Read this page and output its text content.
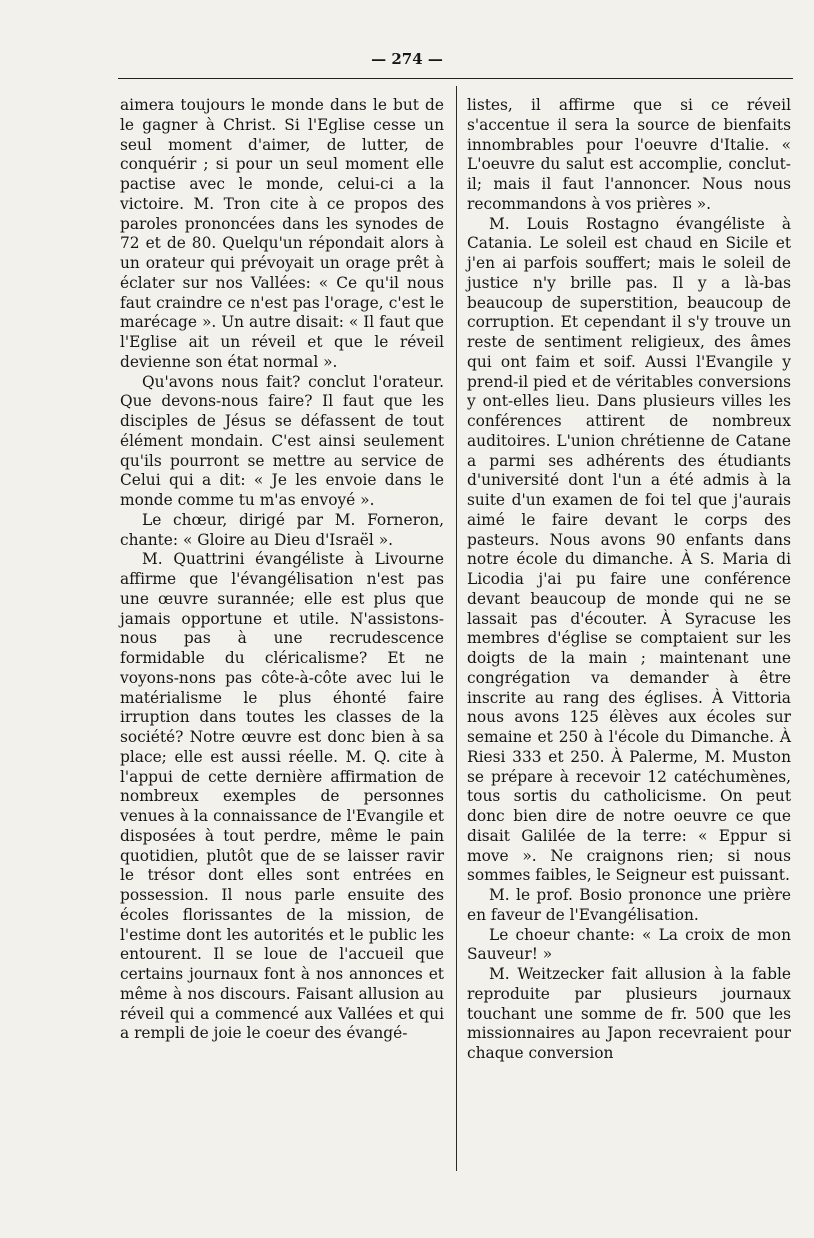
— 274 —

aimera toujours le monde dans le but de le gagner à Christ. Si l'Eglise cesse un seul moment d'aimer, de lutter, de conquérir ; si pour un seul moment elle pactise avec le monde, celui-ci a la victoire. M. Tron cite à ce propos des paroles prononcées dans les synodes de 72 et de 80. Quelqu'un répondait alors à un orateur qui prévoyait un orage prêt à éclater sur nos Vallées: « Ce qu'il nous faut craindre ce n'est pas l'orage, c'est le marécage ». Un autre disait: « Il faut que l'Eglise ait un réveil et que le réveil devienne son état normal ».

Qu'avons nous fait? conclut l'orateur. Que devons-nous faire? Il faut que les disciples de Jésus se défassent de tout élément mondain. C'est ainsi seulement qu'ils pourront se mettre au service de Celui qui a dit: « Je les envoie dans le monde comme tu m'as envoyé ».

Le chœur, dirigé par M. Forneron, chante: « Gloire au Dieu d'Israël ».

M. Quattrini évangéliste à Livourne affirme que l'évangélisation n'est pas une œuvre surannée; elle est plus que jamais opportune et utile. N'assistons-nous pas à une recrudescence formidable du cléricalisme? Et ne voyons-nons pas côte-à-côte avec lui le matérialisme le plus éhonté faire irruption dans toutes les classes de la société? Notre œuvre est donc bien à sa place; elle est aussi réelle. M. Q. cite à l'appui de cette dernière affirmation de nombreux exemples de personnes venues à la connaissance de l'Evangile et disposées à tout perdre, même le pain quotidien, plutôt que de se laisser ravir le trésor dont elles sont entrées en possession. Il nous parle ensuite des écoles florissantes de la mission, de l'estime dont les autorités et le public les entourent. Il se loue de l'accueil que certains journaux font à nos annonces et même à nos discours. Faisant allusion au réveil qui a commencé aux Vallées et qui a rempli de joie le coeur des évangé-

listes, il affirme que si ce réveil s'accentue il sera la source de bienfaits innombrables pour l'oeuvre d'Italie. « L'oeuvre du salut est accomplie, conclut-il; mais il faut l'annoncer. Nous nous recommandons à vos prières ».

M. Louis Rostagno évangéliste à Catania. Le soleil est chaud en Sicile et j'en ai parfois souffert; mais le soleil de justice n'y brille pas. Il y a là-bas beaucoup de superstition, beaucoup de corruption. Et cependant il s'y trouve un reste de sentiment religieux, des âmes qui ont faim et soif. Aussi l'Evangile y prend-il pied et de véritables conversions y ont-elles lieu. Dans plusieurs villes les conférences attirent de nombreux auditoires. L'union chrétienne de Catane a parmi ses adhérents des étudiants d'université dont l'un a été admis à la suite d'un examen de foi tel que j'aurais aimé le faire devant le corps des pasteurs. Nous avons 90 enfants dans notre école du dimanche. À S. Maria di Licodia j'ai pu faire une conférence devant beaucoup de monde qui ne se lassait pas d'écouter. À Syracuse les membres d'église se comptaient sur les doigts de la main ; maintenant une congrégation va demander à être inscrite au rang des églises. À Vittoria nous avons 125 élèves aux écoles sur semaine et 250 à l'école du Dimanche. À Riesi 333 et 250. À Palerme, M. Muston se prépare à recevoir 12 catéchumènes, tous sortis du catholicisme. On peut donc bien dire de notre oeuvre ce que disait Galilée de la terre: « Eppur si move ». Ne craignons rien; si nous sommes faibles, le Seigneur est puissant.

M. le prof. Bosio prononce une prière en faveur de l'Evangélisation.

Le choeur chante: « La croix de mon Sauveur! »

M. Weitzecker fait allusion à la fable reproduite par plusieurs journaux touchant une somme de fr. 500 que les missionnaires au Japon recevraient pour chaque conversion
